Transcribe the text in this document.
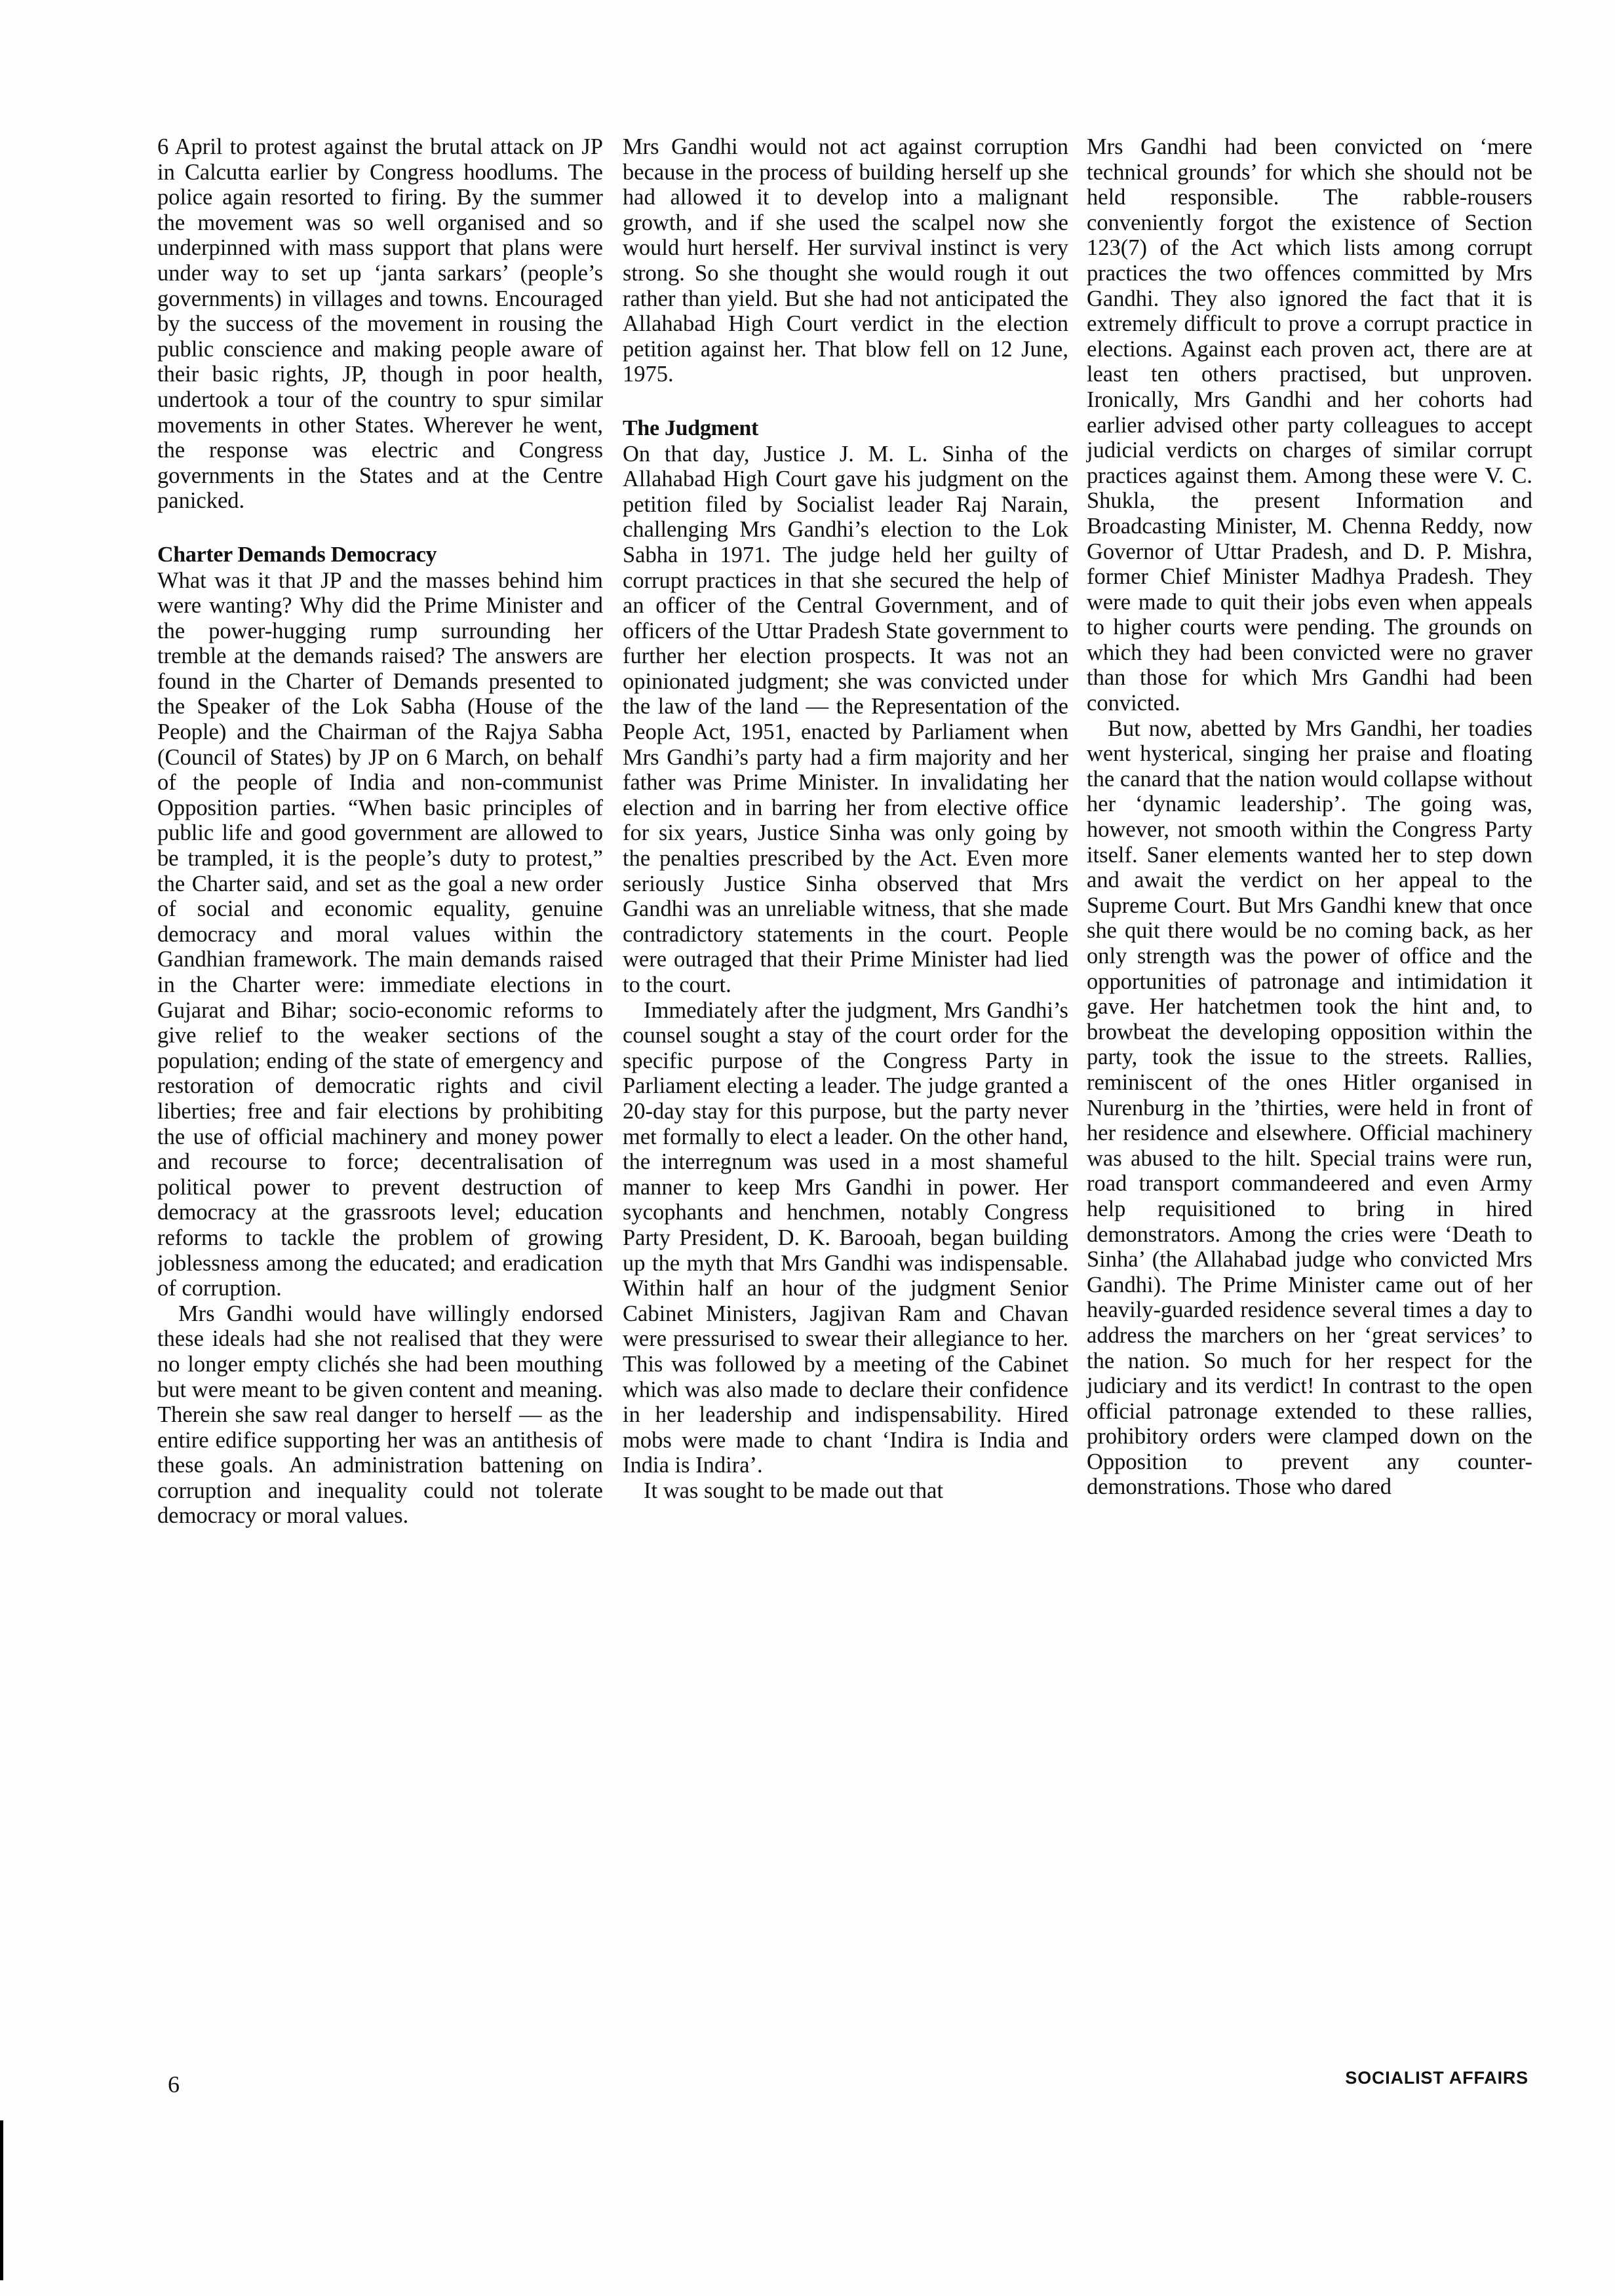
6 April to protest against the brutal attack on JP in Calcutta earlier by Congress hoodlums. The police again resorted to firing. By the summer the movement was so well organised and so underpinned with mass support that plans were under way to set up ‘janta sarkars’ (people’s governments) in villages and towns. Encouraged by the success of the movement in rousing the public conscience and making people aware of their basic rights, JP, though in poor health, undertook a tour of the country to spur similar movements in other States. Wherever he went, the response was electric and Congress governments in the States and at the Centre panicked.

Charter Demands Democracy

What was it that JP and the masses behind him were wanting? Why did the Prime Minister and the power-hugging rump surrounding her tremble at the demands raised? The answers are found in the Charter of Demands presented to the Speaker of the Lok Sabha (House of the People) and the Chairman of the Rajya Sabha (Council of States) by JP on 6 March, on behalf of the people of India and non-communist Opposition parties. “When basic principles of public life and good government are allowed to be trampled, it is the people’s duty to protest,” the Charter said, and set as the goal a new order of social and economic equality, genuine democracy and moral values within the Gandhian framework. The main demands raised in the Charter were: immediate elections in Gujarat and Bihar; socio-economic reforms to give relief to the weaker sections of the population; ending of the state of emergency and restoration of democratic rights and civil liberties; free and fair elections by prohibiting the use of official machinery and money power and recourse to force; decentralisation of political power to prevent destruction of democracy at the grassroots level; education reforms to tackle the problem of growing joblessness among the educated; and eradication of corruption.

Mrs Gandhi would have willingly endorsed these ideals had she not realised that they were no longer empty clichés she had been mouthing but were meant to be given content and meaning. Therein she saw real danger to herself — as the entire edifice supporting her was an antithesis of these goals. An administration battening on corruption and inequality could not tolerate democracy or moral values.

Mrs Gandhi would not act against corruption because in the process of building herself up she had allowed it to develop into a malignant growth, and if she used the scalpel now she would hurt herself. Her survival instinct is very strong. So she thought she would rough it out rather than yield. But she had not anticipated the Allahabad High Court verdict in the election petition against her. That blow fell on 12 June, 1975.

The Judgment

On that day, Justice J. M. L. Sinha of the Allahabad High Court gave his judgment on the petition filed by Socialist leader Raj Narain, challenging Mrs Gandhi’s election to the Lok Sabha in 1971. The judge held her guilty of corrupt practices in that she secured the help of an officer of the Central Government, and of officers of the Uttar Pradesh State government to further her election prospects. It was not an opinionated judgment; she was convicted under the law of the land — the Representation of the People Act, 1951, enacted by Parliament when Mrs Gandhi’s party had a firm majority and her father was Prime Minister. In invalidating her election and in barring her from elective office for six years, Justice Sinha was only going by the penalties prescribed by the Act. Even more seriously Justice Sinha observed that Mrs Gandhi was an unreliable witness, that she made contradictory statements in the court. People were outraged that their Prime Minister had lied to the court.

Immediately after the judgment, Mrs Gandhi’s counsel sought a stay of the court order for the specific purpose of the Congress Party in Parliament electing a leader. The judge granted a 20-day stay for this purpose, but the party never met formally to elect a leader. On the other hand, the interregnum was used in a most shameful manner to keep Mrs Gandhi in power. Her sycophants and henchmen, notably Congress Party President, D. K. Barooah, began building up the myth that Mrs Gandhi was indispensable. Within half an hour of the judgment Senior Cabinet Ministers, Jagjivan Ram and Chavan were pressurised to swear their allegiance to her. This was followed by a meeting of the Cabinet which was also made to declare their confidence in her leadership and indispensability. Hired mobs were made to chant ‘Indira is India and India is Indira’.

It was sought to be made out that

Mrs Gandhi had been convicted on ‘mere technical grounds’ for which she should not be held responsible. The rabble-rousers conveniently forgot the existence of Section 123(7) of the Act which lists among corrupt practices the two offences committed by Mrs Gandhi. They also ignored the fact that it is extremely difficult to prove a corrupt practice in elections. Against each proven act, there are at least ten others practised, but unproven. Ironically, Mrs Gandhi and her cohorts had earlier advised other party colleagues to accept judicial verdicts on charges of similar corrupt practices against them. Among these were V. C. Shukla, the present Information and Broadcasting Minister, M. Chenna Reddy, now Governor of Uttar Pradesh, and D. P. Mishra, former Chief Minister Madhya Pradesh. They were made to quit their jobs even when appeals to higher courts were pending. The grounds on which they had been convicted were no graver than those for which Mrs Gandhi had been convicted.

But now, abetted by Mrs Gandhi, her toadies went hysterical, singing her praise and floating the canard that the nation would collapse without her ‘dynamic leadership’. The going was, however, not smooth within the Congress Party itself. Saner elements wanted her to step down and await the verdict on her appeal to the Supreme Court. But Mrs Gandhi knew that once she quit there would be no coming back, as her only strength was the power of office and the opportunities of patronage and intimidation it gave. Her hatchetmen took the hint and, to browbeat the developing opposition within the party, took the issue to the streets. Rallies, reminiscent of the ones Hitler organised in Nurenburg in the ’thirties, were held in front of her residence and elsewhere. Official machinery was abused to the hilt. Special trains were run, road transport commandeered and even Army help requisitioned to bring in hired demonstrators. Among the cries were ‘Death to Sinha’ (the Allahabad judge who convicted Mrs Gandhi). The Prime Minister came out of her heavily-guarded residence several times a day to address the marchers on her ‘great services’ to the nation. So much for her respect for the judiciary and its verdict! In contrast to the open official patronage extended to these rallies, prohibitory orders were clamped down on the Opposition to prevent any counter-demonstrations. Those who dared

6	SOCIALIST AFFAIRS
